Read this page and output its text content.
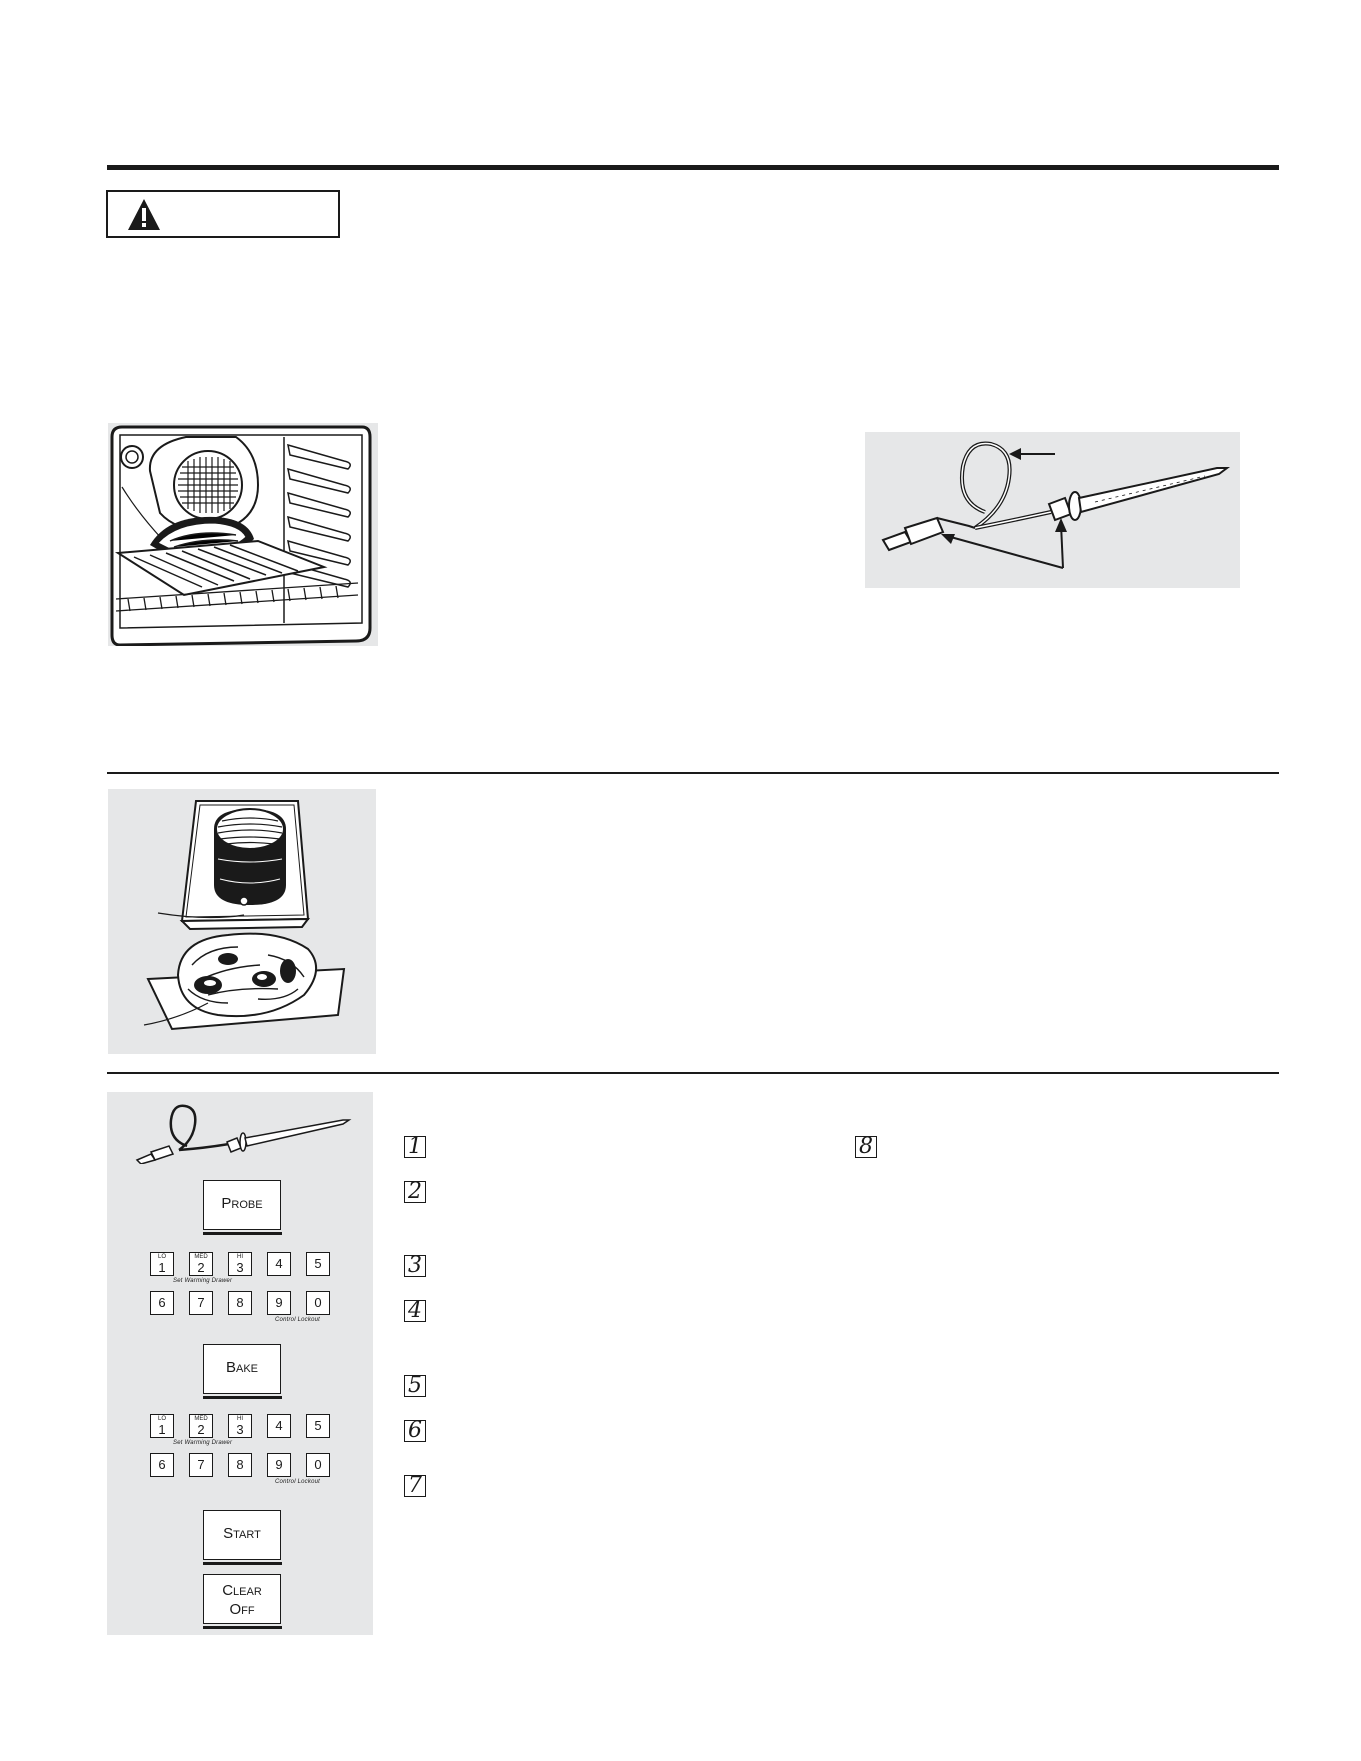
PROBE
LO
1
MED
2
HI
3	4	5
Set Warming Drawer
6	7	8	9	0
Control Lockout
BAKE
LO
1
MED
2
HI
3	4	5
Set Warming Drawer
6	7	8	9	0
Control Lockout
START
CLEAR
OFF
1
2
3
4
5
6
7
8
